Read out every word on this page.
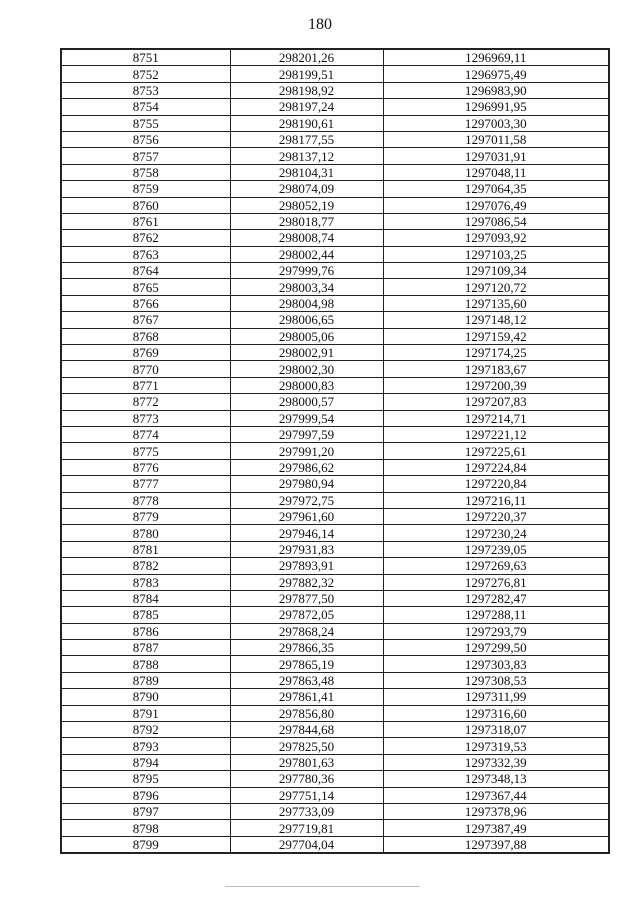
180
8751	298201,26	1296969,11
8752	298199,51	1296975,49
8753	298198,92	1296983,90
8754	298197,24	1296991,95
8755	298190,61	1297003,30
8756	298177,55	1297011,58
8757	298137,12	1297031,91
8758	298104,31	1297048,11
8759	298074,09	1297064,35
8760	298052,19	1297076,49
8761	298018,77	1297086,54
8762	298008,74	1297093,92
8763	298002,44	1297103,25
8764	297999,76	1297109,34
8765	298003,34	1297120,72
8766	298004,98	1297135,60
8767	298006,65	1297148,12
8768	298005,06	1297159,42
8769	298002,91	1297174,25
8770	298002,30	1297183,67
8771	298000,83	1297200,39
8772	298000,57	1297207,83
8773	297999,54	1297214,71
8774	297997,59	1297221,12
8775	297991,20	1297225,61
8776	297986,62	1297224,84
8777	297980,94	1297220,84
8778	297972,75	1297216,11
8779	297961,60	1297220,37
8780	297946,14	1297230,24
8781	297931,83	1297239,05
8782	297893,91	1297269,63
8783	297882,32	1297276,81
8784	297877,50	1297282,47
8785	297872,05	1297288,11
8786	297868,24	1297293,79
8787	297866,35	1297299,50
8788	297865,19	1297303,83
8789	297863,48	1297308,53
8790	297861,41	1297311,99
8791	297856,80	1297316,60
8792	297844,68	1297318,07
8793	297825,50	1297319,53
8794	297801,63	1297332,39
8795	297780,36	1297348,13
8796	297751,14	1297367,44
8797	297733,09	1297378,96
8798	297719,81	1297387,49
8799	297704,04	1297397,88
